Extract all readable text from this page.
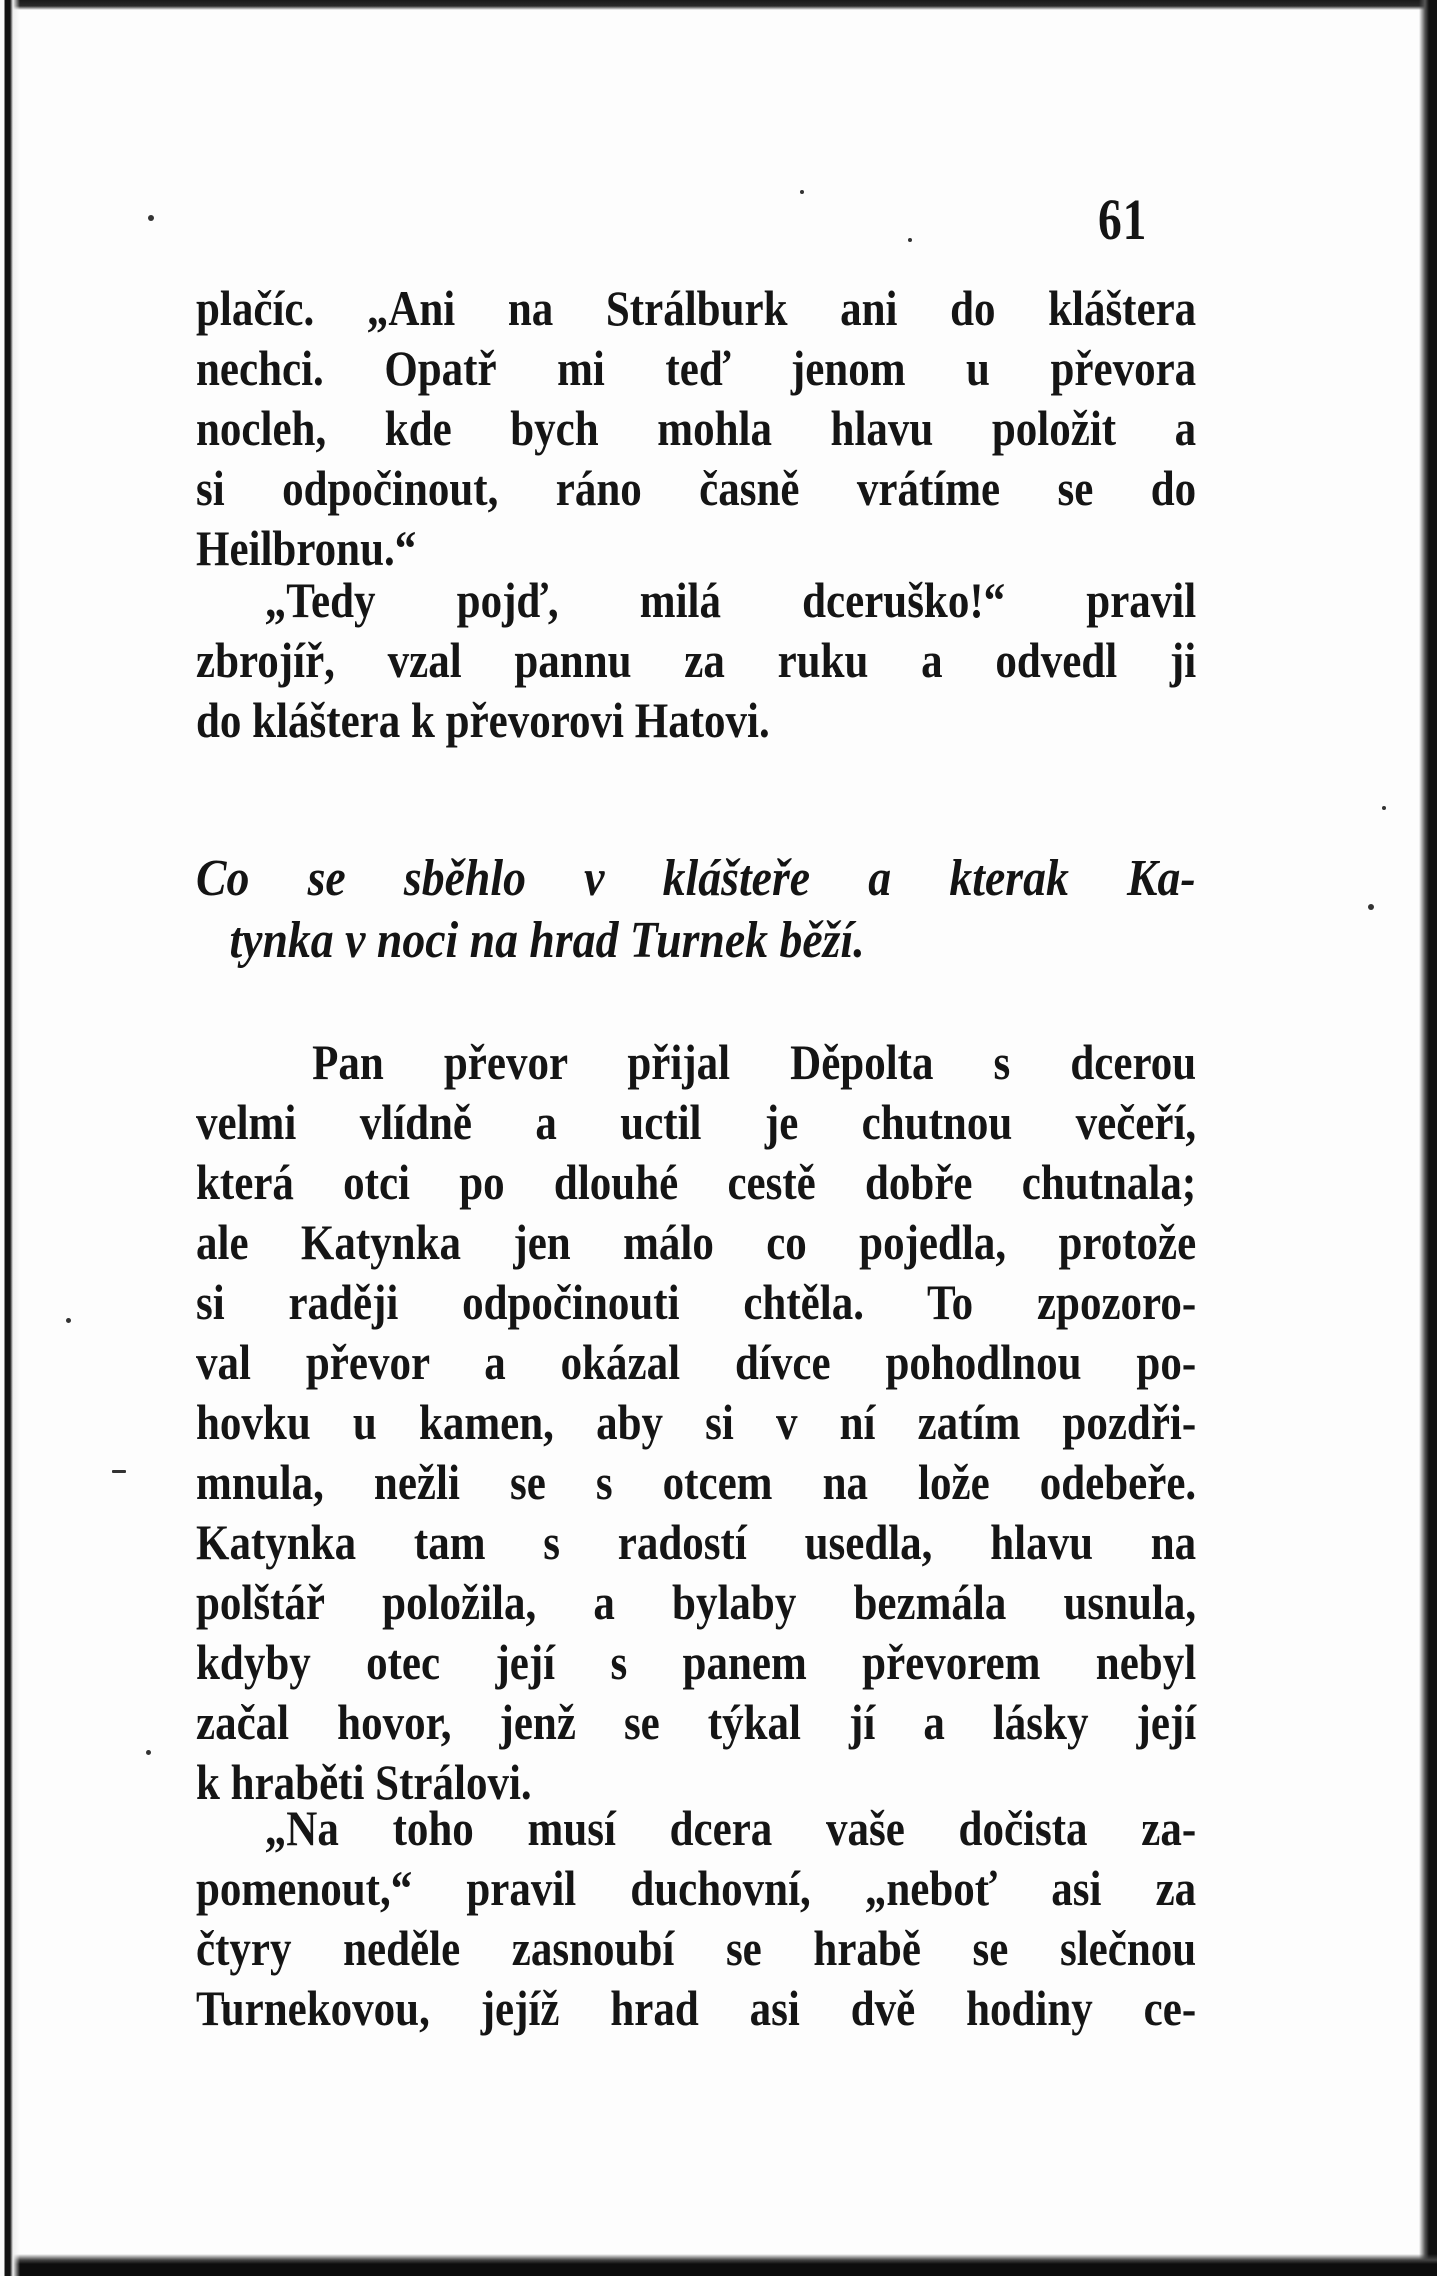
61
plačíc. „Ani na Strálburk ani do kláštera
nechci. Opatř mi teď jenom u převora
nocleh, kde bych mohla hlavu položit a
si odpočinout, ráno časně vrátíme se do
Heilbronu.“
„Tedy pojď, milá dceruško!“ pravil
zbrojíř, vzal pannu za ruku a odvedl ji
do kláštera k převorovi Hatovi.
Co se sběhlo v klášteře a kterak Ka-
tynka v noci na hrad Turnek běží.
Pan převor přijal Děpolta s dcerou
velmi vlídně a uctil je chutnou večeří,
která otci po dlouhé cestě dobře chutnala;
ale Katynka jen málo co pojedla, protože
si raději odpočinouti chtěla. To zpozoro-
val převor a okázal dívce pohodlnou po-
hovku u kamen, aby si v ní zatím pozdři-
mnula, nežli se s otcem na lože odebeře.
Katynka tam s radostí usedla, hlavu na
polštář položila, a bylaby bezmála usnula,
kdyby otec její s panem převorem nebyl
začal hovor, jenž se týkal jí a lásky její
k hraběti Strálovi.
„Na toho musí dcera vaše dočista za-
pomenout,“ pravil duchovní, „neboť asi za
čtyry neděle zasnoubí se hrabě se slečnou
Turnekovou, jejíž hrad asi dvě hodiny ce-
